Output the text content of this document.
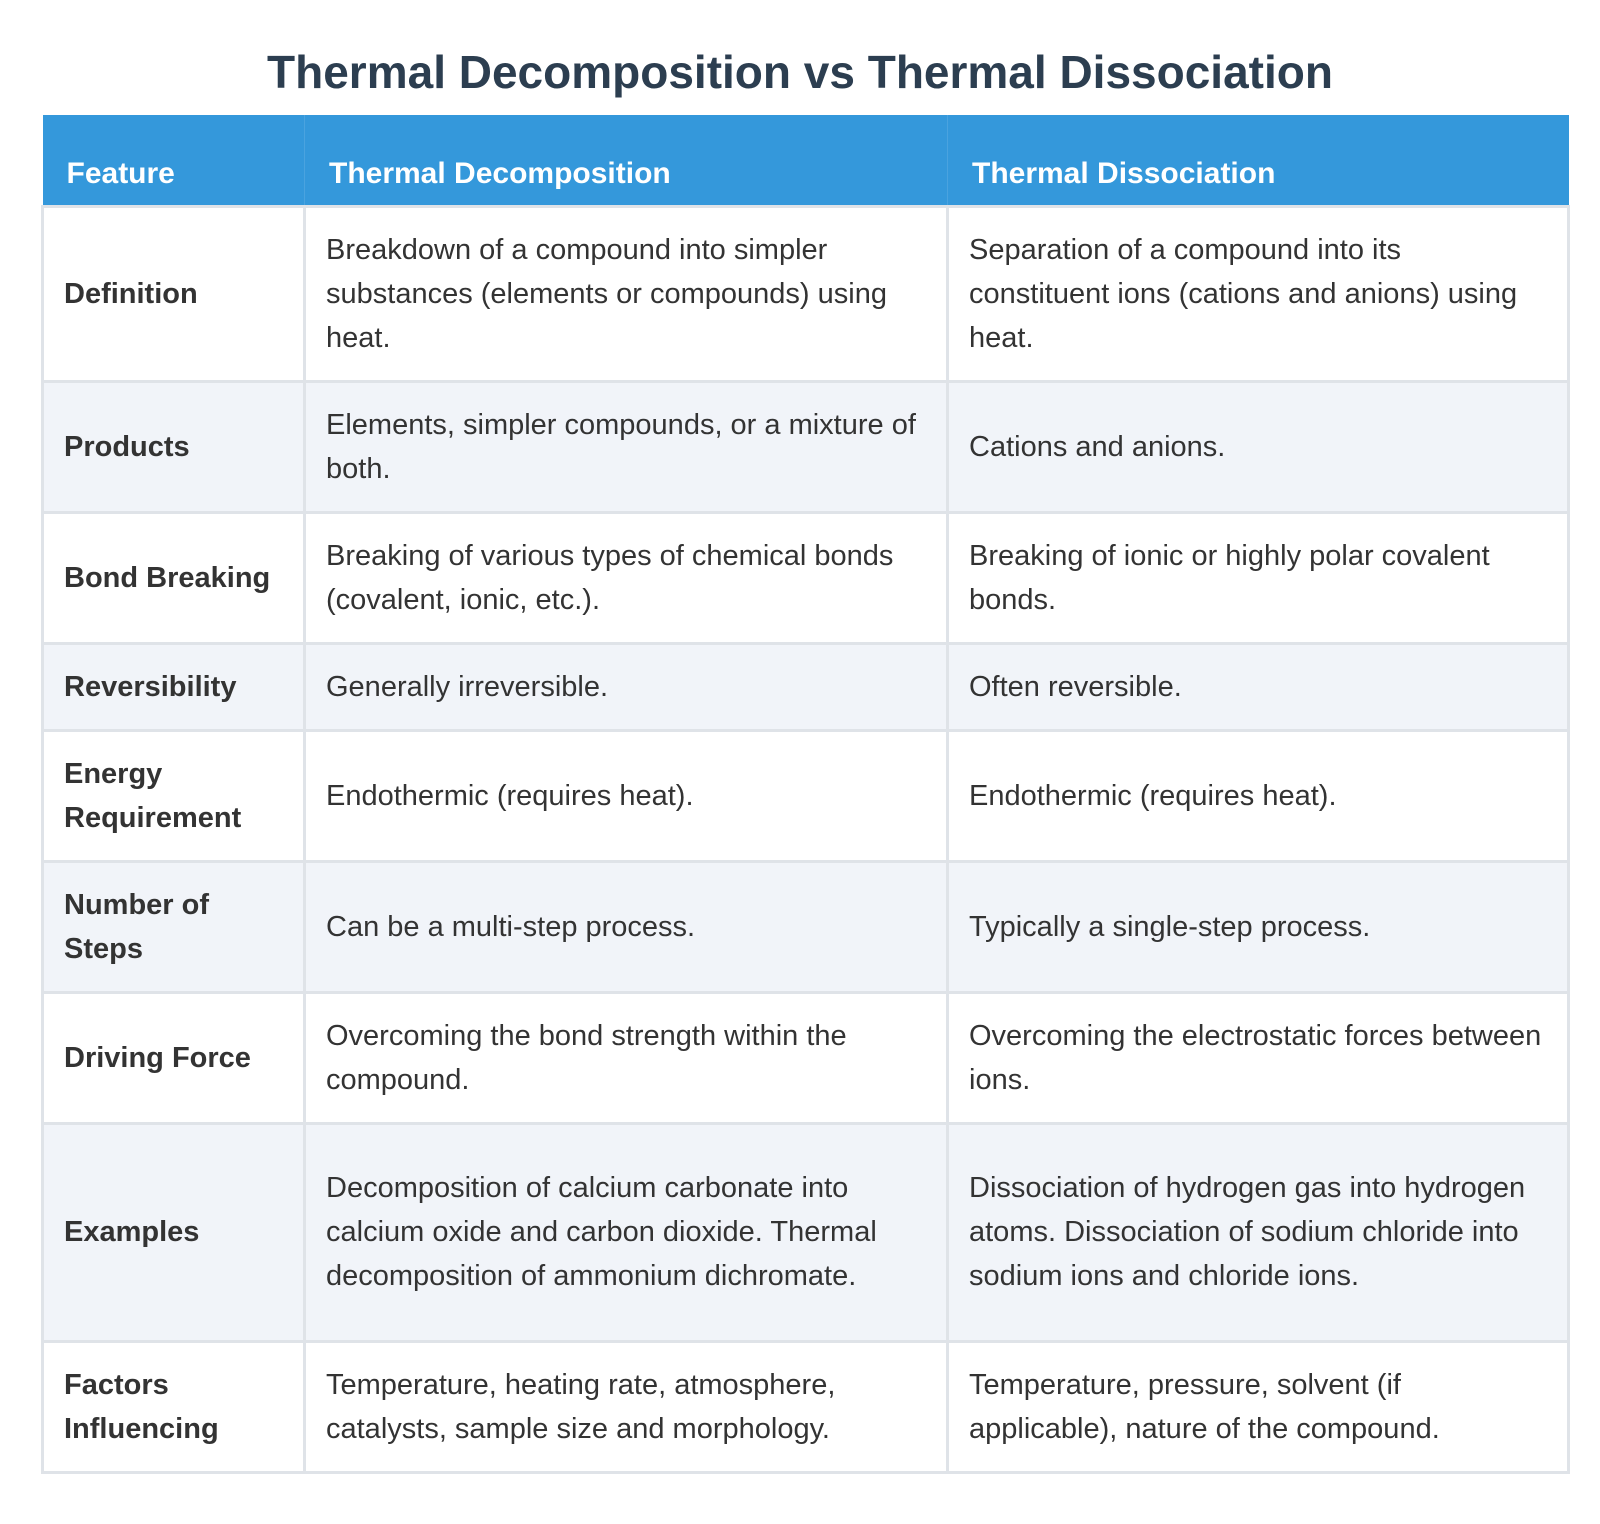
Thermal Decomposition vs Thermal Dissociation
Feature	Thermal Decomposition	Thermal Dissociation
Definition	Breakdown of a compound into simpler substances (elements or compounds) using heat.	Separation of a compound into its constituent ions (cations and anions) using heat.
Products	Elements, simpler compounds, or a mixture of both.	Cations and anions.
Bond Breaking	Breaking of various types of chemical bonds (covalent, ionic, etc.).	Breaking of ionic or highly polar covalent bonds.
Reversibility	Generally irreversible.	Often reversible.
Energy Requirement	Endothermic (requires heat).	Endothermic (requires heat).
Number of Steps	Can be a multi-step process.	Typically a single-step process.
Driving Force	Overcoming the bond strength within the compound.	Overcoming the electrostatic forces between ions.
Examples	Decomposition of calcium carbonate into calcium oxide and carbon dioxide. Thermal decomposition of ammonium dichromate.	Dissociation of hydrogen gas into hydrogen atoms. Dissociation of sodium chloride into sodium ions and chloride ions.
Factors Influencing	Temperature, heating rate, atmosphere, catalysts, sample size and morphology.	Temperature, pressure, solvent (if applicable), nature of the compound.
